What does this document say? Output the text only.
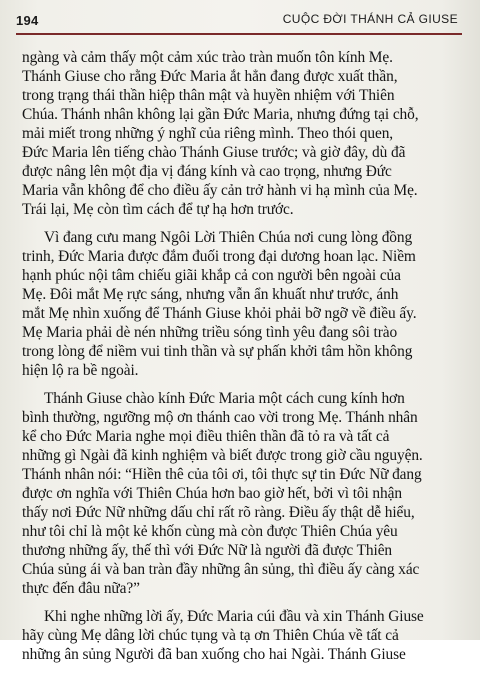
194	CUỘC ĐỜI THÁNH CẢ GIUSE

ngàng và cảm thấy một cảm xúc trào tràn muốn tôn kính Mẹ.
Thánh Giuse cho rằng Đức Maria ắt hẳn đang được xuất thần,
trong trạng thái thần hiệp thân mật và huyền nhiệm với Thiên
Chúa. Thánh nhân không lại gần Đức Maria, nhưng đứng tại chỗ,
mải miết trong những ý nghĩ của riêng mình. Theo thói quen,
Đức Maria lên tiếng chào Thánh Giuse trước; và giờ đây, dù đã
được nâng lên một địa vị đáng kính và cao trọng, nhưng Đức
Maria vẫn không để cho điều ấy cản trở hành vi hạ mình của Mẹ.
Trái lại, Mẹ còn tìm cách để tự hạ hơn trước.

Vì đang cưu mang Ngôi Lời Thiên Chúa nơi cung lòng đồng
trinh, Đức Maria được đắm đuối trong đại dương hoan lạc. Niềm
hạnh phúc nội tâm chiếu giãi khắp cả con người bên ngoài của
Mẹ. Đôi mắt Mẹ rực sáng, nhưng vẫn ẩn khuất như trước, ánh
mắt Mẹ nhìn xuống để Thánh Giuse khỏi phải bỡ ngỡ về điều ấy.
Mẹ Maria phải dè nén những triều sóng tình yêu đang sôi trào
trong lòng để niềm vui tinh thần và sự phấn khởi tâm hồn không
hiện lộ ra bề ngoài.

Thánh Giuse chào kính Đức Maria một cách cung kính hơn
bình thường, ngưỡng mộ ơn thánh cao vời trong Mẹ. Thánh nhân
kể cho Đức Maria nghe mọi điều thiên thần đã tỏ ra và tất cả
những gì Ngài đã kinh nghiệm và biết được trong giờ cầu nguyện.
Thánh nhân nói: “Hiền thê của tôi ơi, tôi thực sự tin Đức Nữ đang
được ơn nghĩa với Thiên Chúa hơn bao giờ hết, bởi vì tôi nhận
thấy nơi Đức Nữ những dấu chỉ rất rõ ràng. Điều ấy thật dễ hiểu,
như tôi chỉ là một kẻ khốn cùng mà còn được Thiên Chúa yêu
thương những ấy, thế thì với Đức Nữ là người đã được Thiên
Chúa sủng ái và ban tràn đầy những ân sủng, thì điều ấy càng xác
thực đến đâu nữa?”

Khi nghe những lời ấy, Đức Maria cúi đầu và xin Thánh Giuse
hãy cùng Mẹ dâng lời chúc tụng và tạ ơn Thiên Chúa về tất cả
những ân sủng Người đã ban xuống cho hai Ngài. Thánh Giuse
